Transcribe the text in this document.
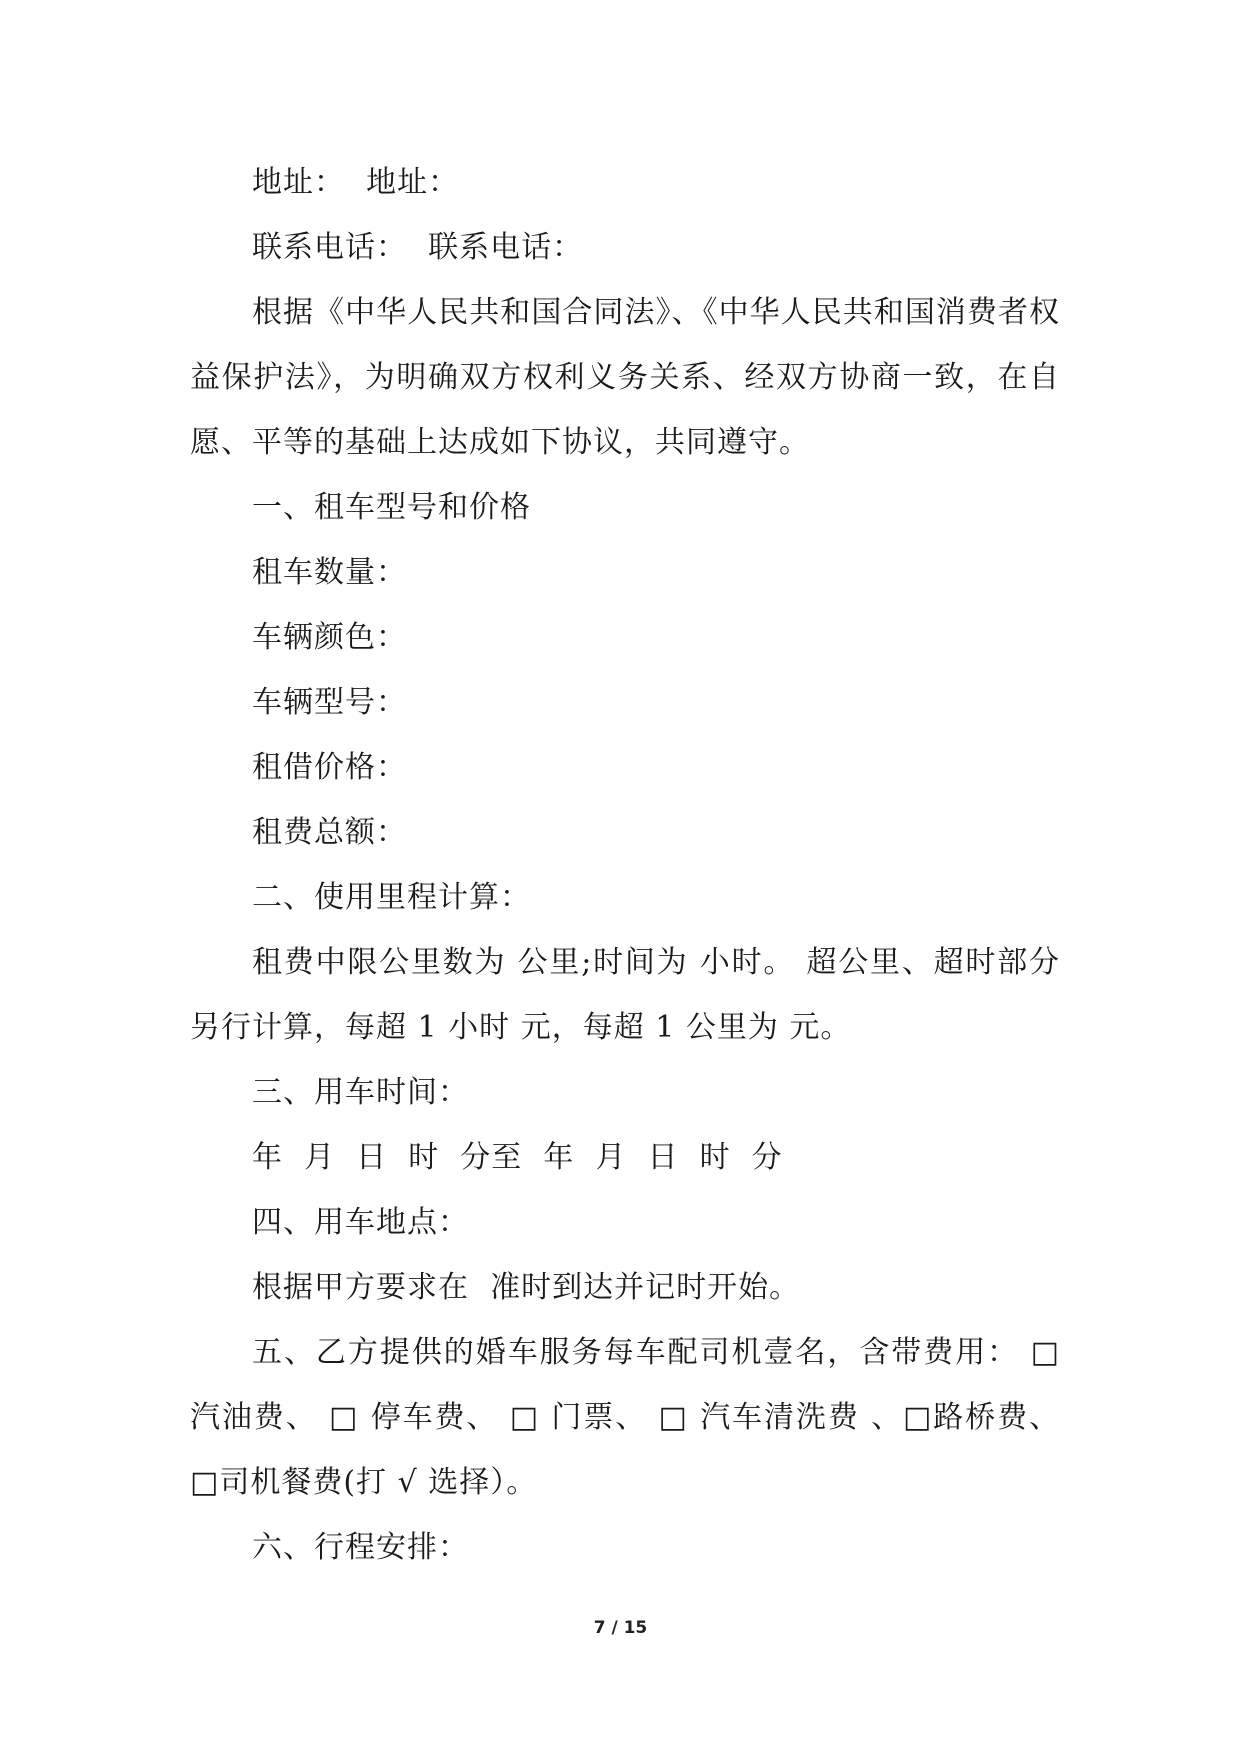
地址：  地址：

联系电话：  联系电话：

根据《中华人民共和国合同法》、《中华人民共和国消费者权益保护法》，为明确双方权利义务关系、经双方协商一致，在自愿、平等的基础上达成如下协议，共同遵守。

一、租车型号和价格

租车数量：

车辆颜色：

车辆型号：

租借价格：

租费总额：

二、使用里程计算：

租费中限公里数为 公里;时间为 小时。 超公里、超时部分另行计算，每超 1 小时 元，每超 1 公里为 元。

三、用车时间：

年  月  日  时  分至  年  月  日  时  分

四、用车地点：

根据甲方要求在  准时到达并记时开始。

五、乙方提供的婚车服务每车配司机壹名，含带费用： □汽油费、 □ 停车费、 □ 门票、 □ 汽车清洗费 、□路桥费、□司机餐费(打 √ 选择）。

六、行程安排：

7 / 15
